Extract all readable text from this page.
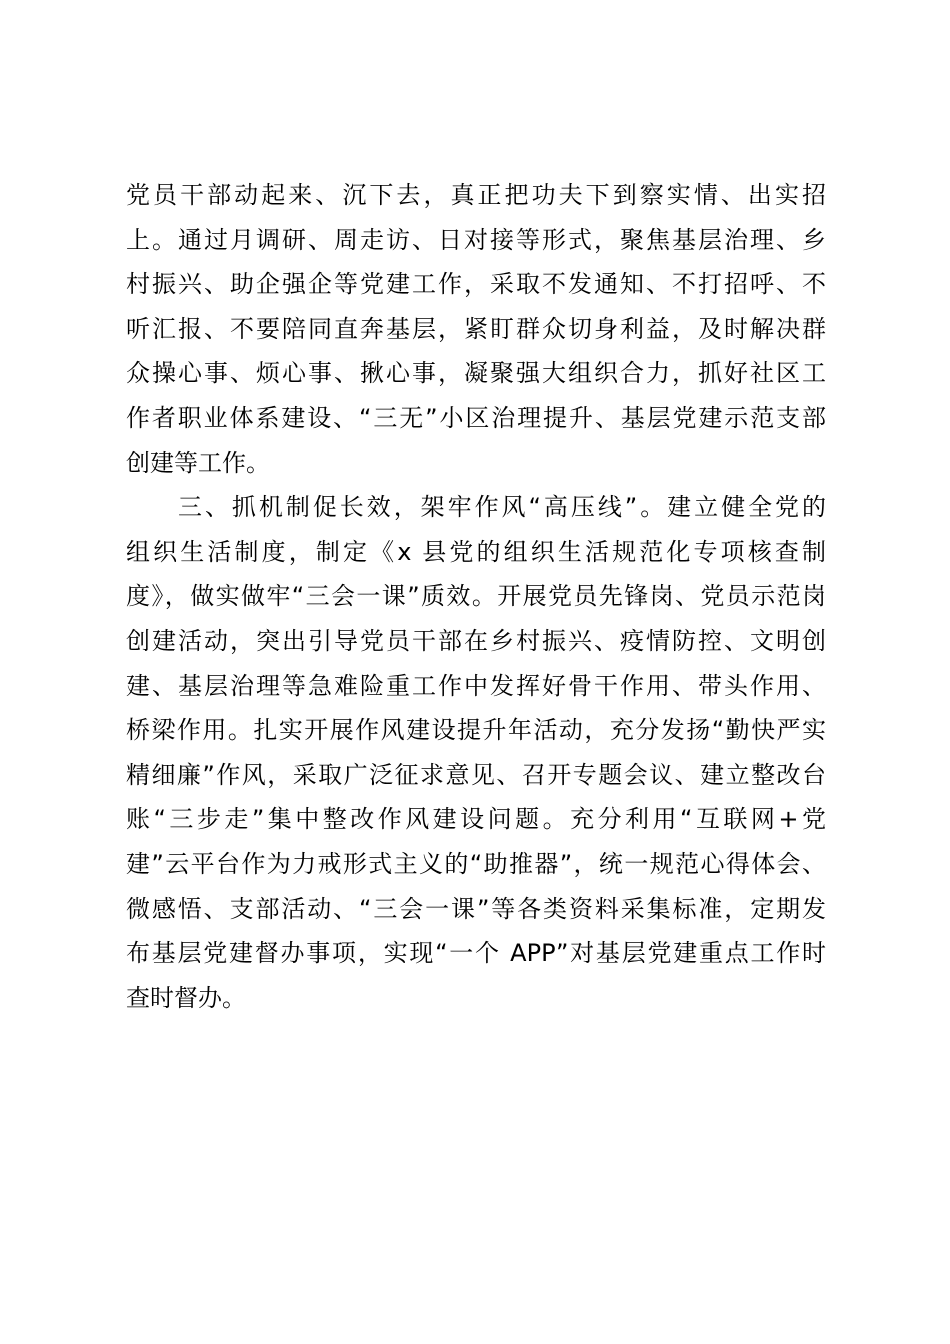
党员干部动起来、沉下去，真正把功夫下到察实情、出实招
上。通过月调研、周走访、日对接等形式，聚焦基层治理、乡
村振兴、助企强企等党建工作，采取不发通知、不打招呼、不
听汇报、不要陪同直奔基层，紧盯群众切身利益，及时解决群
众操心事、烦心事、揪心事，凝聚强大组织合力，抓好社区工
作者职业体系建设、“三无”小区治理提升、基层党建示范支部
创建等工作。
三、抓机制促长效，架牢作风“高压线”。建立健全党的
组织生活制度，制定《x 县党的组织生活规范化专项核查制
度》，做实做牢“三会一课”质效。开展党员先锋岗、党员示范岗
创建活动，突出引导党员干部在乡村振兴、疫情防控、文明创
建、基层治理等急难险重工作中发挥好骨干作用、带头作用、
桥梁作用。扎实开展作风建设提升年活动，充分发扬“勤快严实
精细廉”作风，采取广泛征求意见、召开专题会议、建立整改台
账“三步走”集中整改作风建设问题。充分利用“互联网+党
建”云平台作为力戒形式主义的“助推器”，统一规范心得体会、
微感悟、支部活动、“三会一课”等各类资料采集标准，定期发
布基层党建督办事项，实现“一个 APP”对基层党建重点工作时
查时督办。
